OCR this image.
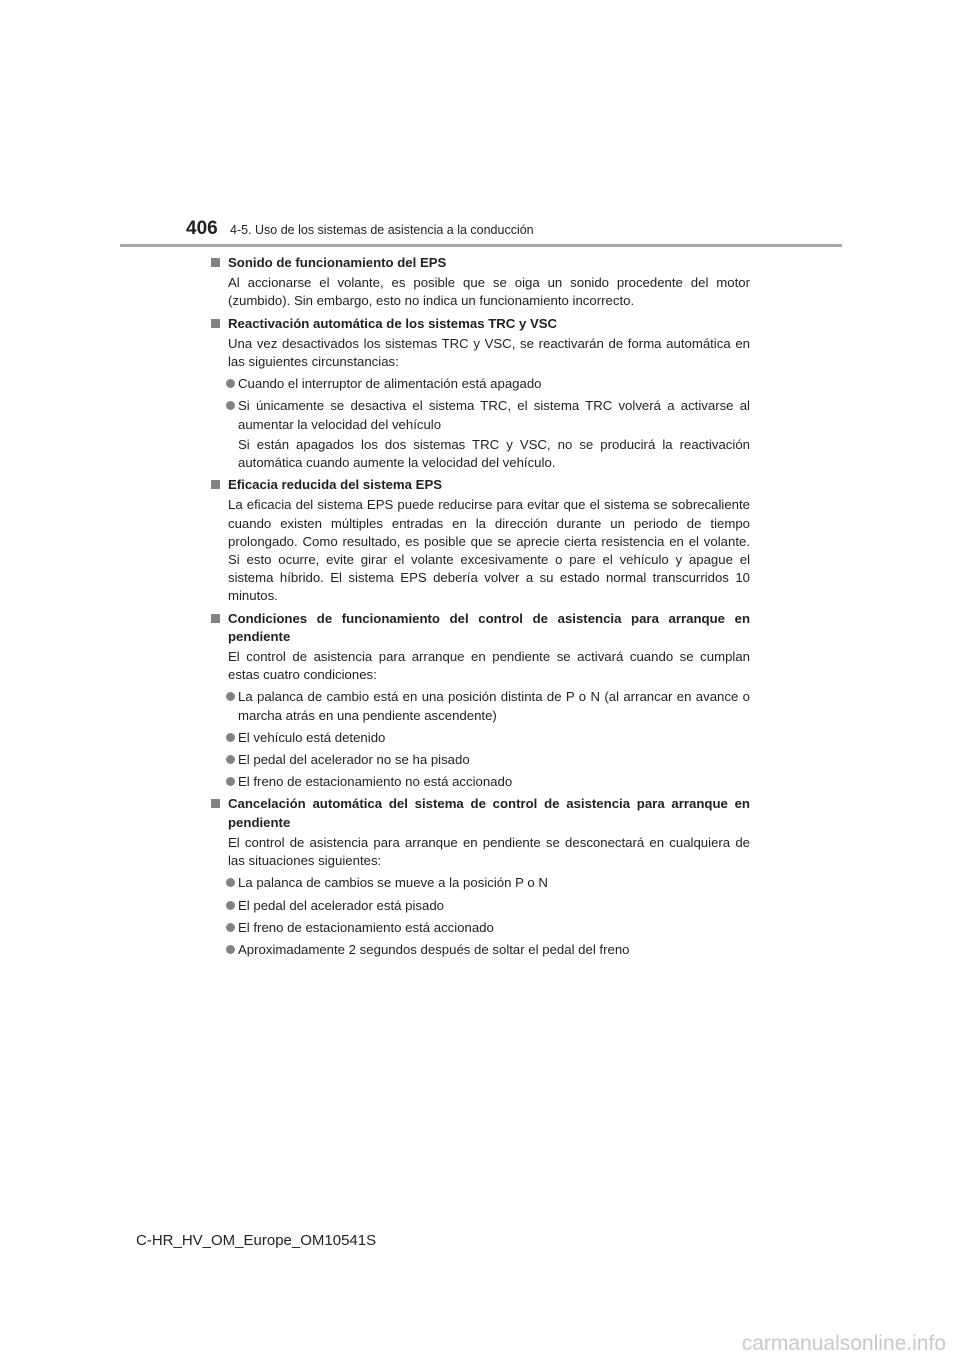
406 4-5. Uso de los sistemas de asistencia a la conducción
Sonido de funcionamiento del EPS
Al accionarse el volante, es posible que se oiga un sonido procedente del motor (zumbido). Sin embargo, esto no indica un funcionamiento incorrecto.
Reactivación automática de los sistemas TRC y VSC
Una vez desactivados los sistemas TRC y VSC, se reactivarán de forma automática en las siguientes circunstancias:
Cuando el interruptor de alimentación está apagado
Si únicamente se desactiva el sistema TRC, el sistema TRC volverá a activarse al aumentar la velocidad del vehículo
Si están apagados los dos sistemas TRC y VSC, no se producirá la reactivación automática cuando aumente la velocidad del vehículo.
Eficacia reducida del sistema EPS
La eficacia del sistema EPS puede reducirse para evitar que el sistema se sobrecaliente cuando existen múltiples entradas en la dirección durante un periodo de tiempo prolongado. Como resultado, es posible que se aprecie cierta resistencia en el volante. Si esto ocurre, evite girar el volante excesivamente o pare el vehículo y apague el sistema híbrido. El sistema EPS debería volver a su estado normal transcurridos 10 minutos.
Condiciones de funcionamiento del control de asistencia para arranque en pendiente
El control de asistencia para arranque en pendiente se activará cuando se cumplan estas cuatro condiciones:
La palanca de cambio está en una posición distinta de P o N (al arrancar en avance o marcha atrás en una pendiente ascendente)
El vehículo está detenido
El pedal del acelerador no se ha pisado
El freno de estacionamiento no está accionado
Cancelación automática del sistema de control de asistencia para arranque en pendiente
El control de asistencia para arranque en pendiente se desconectará en cualquiera de las situaciones siguientes:
La palanca de cambios se mueve a la posición P o N
El pedal del acelerador está pisado
El freno de estacionamiento está accionado
Aproximadamente 2 segundos después de soltar el pedal del freno
C-HR_HV_OM_Europe_OM10541S
carmanualsonline.info
